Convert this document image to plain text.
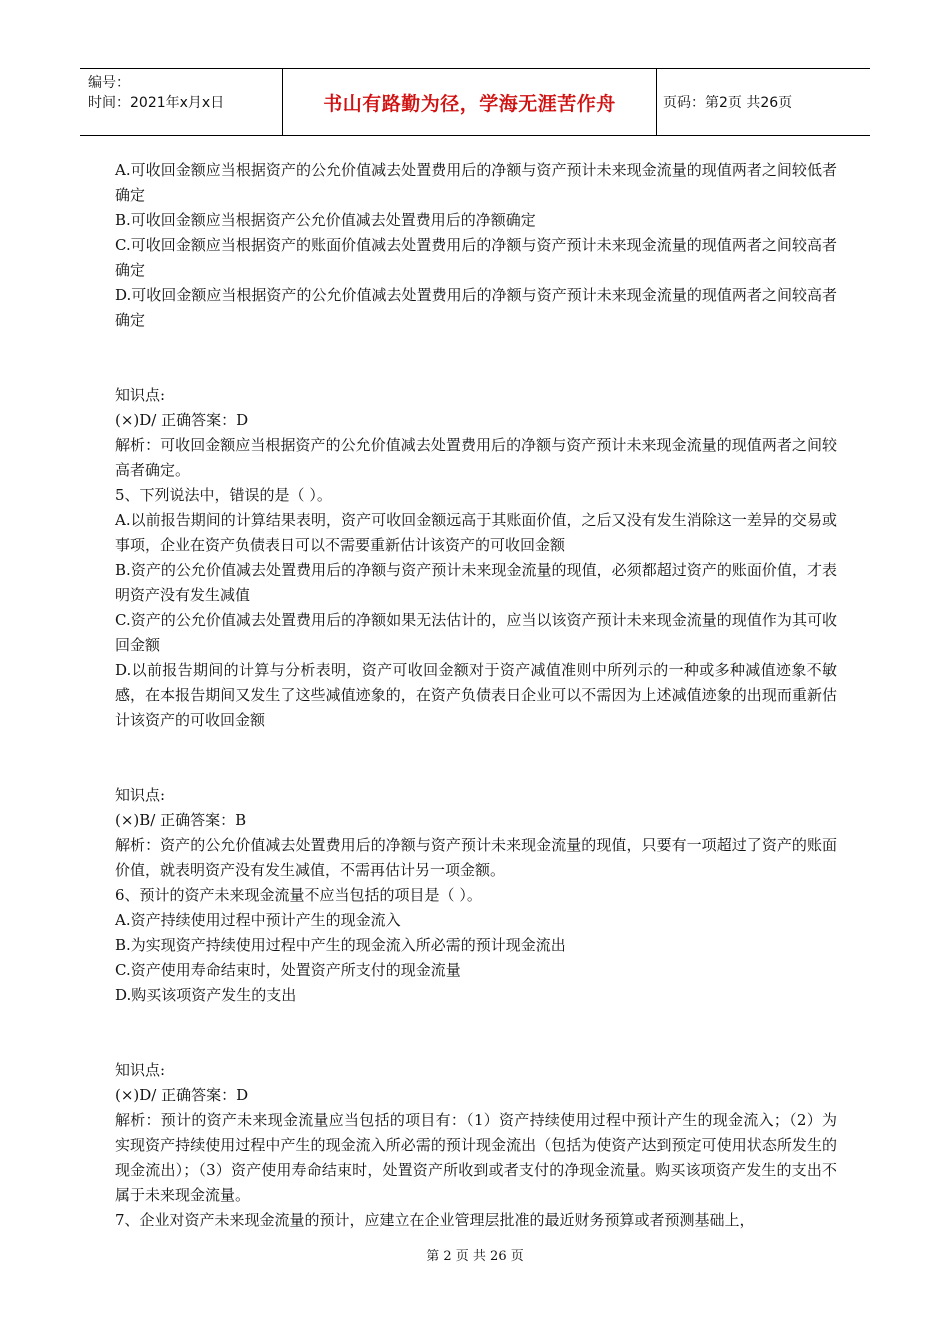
编号：
时间：2021年x月x日	书山有路勤为径，学海无涯苦作舟	页码：第2页 共26页

A.可收回金额应当根据资产的公允价值减去处置费用后的净额与资产预计未来现金流量的现值两者之间较低者确定

B.可收回金额应当根据资产公允价值减去处置费用后的净额确定

C.可收回金额应当根据资产的账面价值减去处置费用后的净额与资产预计未来现金流量的现值两者之间较高者确定

D.可收回金额应当根据资产的公允价值减去处置费用后的净额与资产预计未来现金流量的现值两者之间较高者确定

知识点:

(×)D/ 正确答案：D

解析：可收回金额应当根据资产的公允价值减去处置费用后的净额与资产预计未来现金流量的现值两者之间较高者确定。

5、下列说法中，错误的是（ ）。

A.以前报告期间的计算结果表明，资产可收回金额远高于其账面价值，之后又没有发生消除这一差异的交易或事项，企业在资产负债表日可以不需要重新估计该资产的可收回金额

B.资产的公允价值减去处置费用后的净额与资产预计未来现金流量的现值，必须都超过资产的账面价值，才表明资产没有发生减值

C.资产的公允价值减去处置费用后的净额如果无法估计的，应当以该资产预计未来现金流量的现值作为其可收回金额

D.以前报告期间的计算与分析表明，资产可收回金额对于资产减值准则中所列示的一种或多种减值迹象不敏感，在本报告期间又发生了这些减值迹象的，在资产负债表日企业可以不需因为上述减值迹象的出现而重新估计该资产的可收回金额

知识点:

(×)B/ 正确答案：B

解析：资产的公允价值减去处置费用后的净额与资产预计未来现金流量的现值，只要有一项超过了资产的账面价值，就表明资产没有发生减值，不需再估计另一项金额。

6、预计的资产未来现金流量不应当包括的项目是（ ）。

A.资产持续使用过程中预计产生的现金流入

B.为实现资产持续使用过程中产生的现金流入所必需的预计现金流出

C.资产使用寿命结束时，处置资产所支付的现金流量

D.购买该项资产发生的支出

知识点:

(×)D/ 正确答案：D

解析：预计的资产未来现金流量应当包括的项目有：（1）资产持续使用过程中预计产生的现金流入；（2）为实现资产持续使用过程中产生的现金流入所必需的预计现金流出（包括为使资产达到预定可使用状态所发生的现金流出）；（3）资产使用寿命结束时，处置资产所收到或者支付的净现金流量。购买该项资产发生的支出不属于未来现金流量。

7、企业对资产未来现金流量的预计，应建立在企业管理层批准的最近财务预算或者预测基础上，

第 2 页 共 26 页
